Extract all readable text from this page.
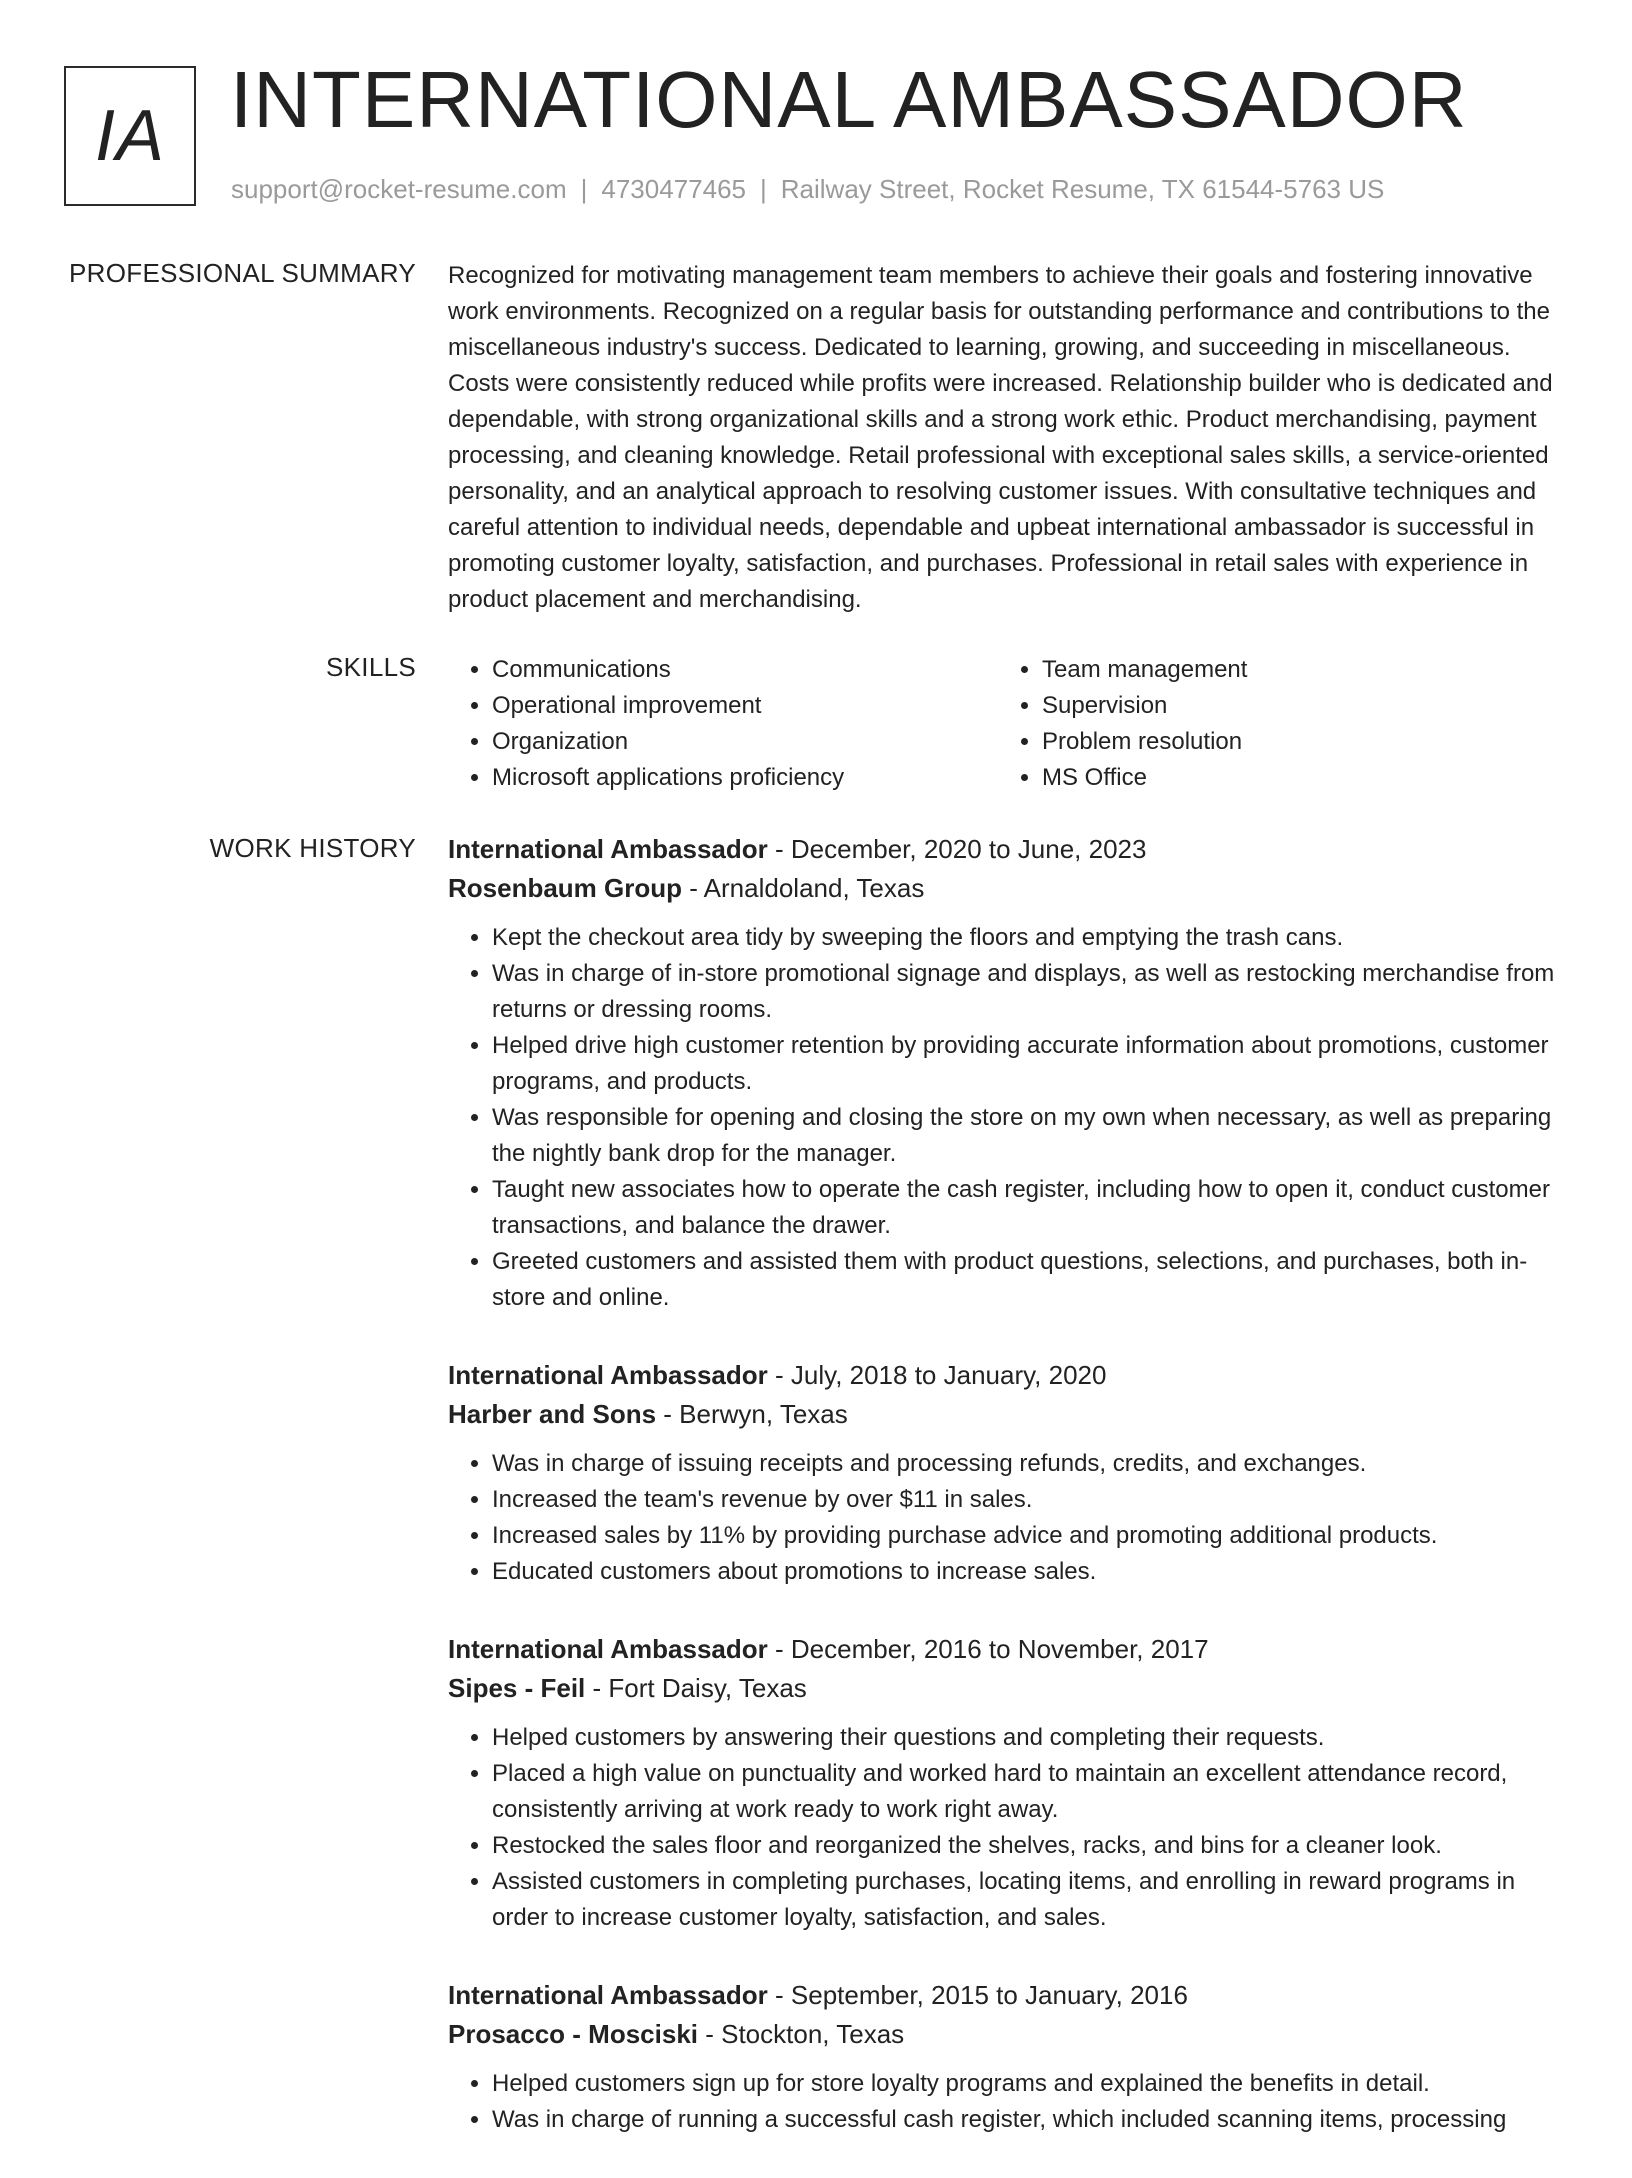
IA INTERNATIONAL AMBASSADOR
support@rocket-resume.com | 4730477465 | Railway Street, Rocket Resume, TX 61544-5763 US
PROFESSIONAL SUMMARY Recognized for motivating management team members to achieve their goals and fostering innovative work environments. Recognized on a regular basis for outstanding performance and contributions to the miscellaneous industry's success. Dedicated to learning, growing, and succeeding in miscellaneous. Costs were consistently reduced while profits were increased. Relationship builder who is dedicated and dependable, with strong organizational skills and a strong work ethic. Product merchandising, payment processing, and cleaning knowledge. Retail professional with exceptional sales skills, a service-oriented personality, and an analytical approach to resolving customer issues. With consultative techniques and careful attention to individual needs, dependable and upbeat international ambassador is successful in promoting customer loyalty, satisfaction, and purchases. Professional in retail sales with experience in product placement and merchandising.

SKILLS
•	Communications
• Operational improvement
• Organization
• Microsoft applications proficiency
• Team management
• Supervision
• Problem resolution
• MS Office
WORK HISTORY International Ambassador - December, 2020 to June, 2023
Rosenbaum Group - Arnaldoland, Texas
• Kept the checkout area tidy by sweeping the floors and emptying the trash cans.
• Was in charge of in-store promotional signage and displays, as well as restocking merchandise from returns or dressing rooms.
• Helped drive high customer retention by providing accurate information about promotions, customer programs, and products.
• Was responsible for opening and closing the store on my own when necessary, as well as preparing the nightly bank drop for the manager.
• Taught new associates how to operate the cash register, including how to open it, conduct customer transactions, and balance the drawer.
• Greeted customers and assisted them with product questions, selections, and purchases, both in-store and online.
International Ambassador - July, 2018 to January, 2020
Harber and Sons - Berwyn, Texas
• Was in charge of issuing receipts and processing refunds, credits, and exchanges.
• Increased the team's revenue by over $11 in sales.
• Increased sales by 11% by providing purchase advice and promoting additional products.
• Educated customers about promotions to increase sales.
International Ambassador - December, 2016 to November, 2017
Sipes - Feil - Fort Daisy, Texas
• Helped customers by answering their questions and completing their requests.
• Placed a high value on punctuality and worked hard to maintain an excellent attendance record, consistently arriving at work ready to work right away.
• Restocked the sales floor and reorganized the shelves, racks, and bins for a cleaner look.
• Assisted customers in completing purchases, locating items, and enrolling in reward programs in order to increase customer loyalty, satisfaction, and sales.
International Ambassador - September, 2015 to January, 2016
Prosacco - Mosciski - Stockton, Texas
• Helped customers sign up for store loyalty programs and explained the benefits in detail.
• Was in charge of running a successful cash register, which included scanning items, processing
